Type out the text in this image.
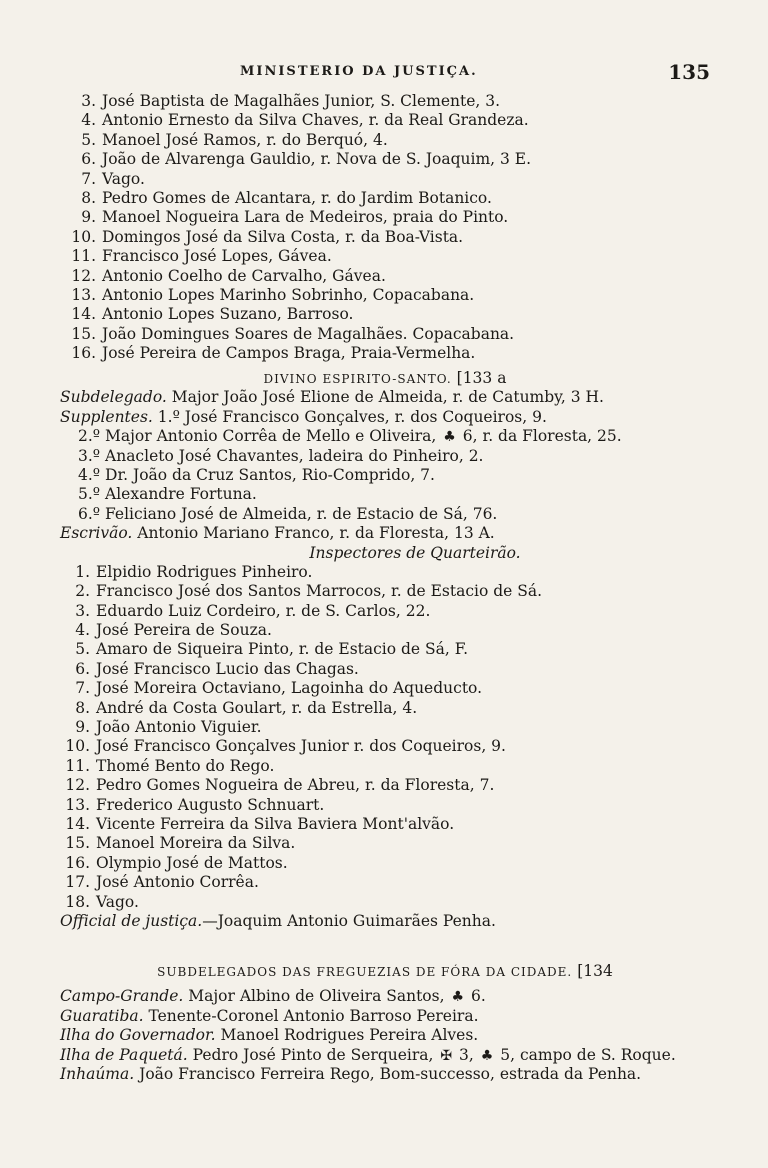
MINISTERIO DA JUSTIÇA.	135
3. José Baptista de Magalhães Junior, S. Clemente, 3.
4. Antonio Ernesto da Silva Chaves, r. da Real Grandeza.
5. Manoel José Ramos, r. do Berquó, 4.
6. João de Alvarenga Gauldio, r. Nova de S. Joaquim, 3 E.
7. Vago.
8. Pedro Gomes de Alcantara, r. do Jardim Botanico.
9. Manoel Nogueira Lara de Medeiros, praia do Pinto.
10. Domingos José da Silva Costa, r. da Boa-Vista.
11. Francisco José Lopes, Gávea.
12. Antonio Coelho de Carvalho, Gávea.
13. Antonio Lopes Marinho Sobrinho, Copacabana.
14. Antonio Lopes Suzano, Barroso.
15. João Domingues Soares de Magalhães. Copacabana.
16. José Pereira de Campos Braga, Praia-Vermelha.
DIVINO ESPIRITO-SANTO. [133 a
Subdelegado. Major João José Elione de Almeida, r. de Catumby, 3 H.
Supplentes. 1.º José Francisco Gonçalves, r. dos Coqueiros, 9.
2.º Major Antonio Corrêa de Mello e Oliveira, ♣ 6, r. da Floresta, 25.
3.º Anacleto José Chavantes, ladeira do Pinheiro, 2.
4.º Dr. João da Cruz Santos, Rio-Comprido, 7.
5.º Alexandre Fortuna.
6.º Feliciano José de Almeida, r. de Estacio de Sá, 76.
Escrivão. Antonio Mariano Franco, r. da Floresta, 13 A.
Inspectores de Quarteirão.
1. Elpidio Rodrigues Pinheiro.
2. Francisco José dos Santos Marrocos, r. de Estacio de Sá.
3. Eduardo Luiz Cordeiro, r. de S. Carlos, 22.
4. José Pereira de Souza.
5. Amaro de Siqueira Pinto, r. de Estacio de Sá, F.
6. José Francisco Lucio das Chagas.
7. José Moreira Octaviano, Lagoinha do Aqueducto.
8. André da Costa Goulart, r. da Estrella, 4.
9. João Antonio Viguier.
10. José Francisco Gonçalves Junior r. dos Coqueiros, 9.
11. Thomé Bento do Rego.
12. Pedro Gomes Nogueira de Abreu, r. da Floresta, 7.
13. Frederico Augusto Schnuart.
14. Vicente Ferreira da Silva Baviera Mont'alvão.
15. Manoel Moreira da Silva.
16. Olympio José de Mattos.
17. José Antonio Corrêa.
18. Vago.
Official de justiça.—Joaquim Antonio Guimarães Penha.
SUBDELEGADOS DAS FREGUEZIAS DE FÓRA DA CIDADE. [134
Campo-Grande. Major Albino de Oliveira Santos, ♣ 6.
Guaratiba. Tenente-Coronel Antonio Barroso Pereira.
Ilha do Governador. Manoel Rodrigues Pereira Alves.
Ilha de Paquetá. Pedro José Pinto de Serqueira, ✠ 3, ♣ 5, campo de S. Roque.
Inhaúma. João Francisco Ferreira Rego, Bom-successo, estrada da Penha.
